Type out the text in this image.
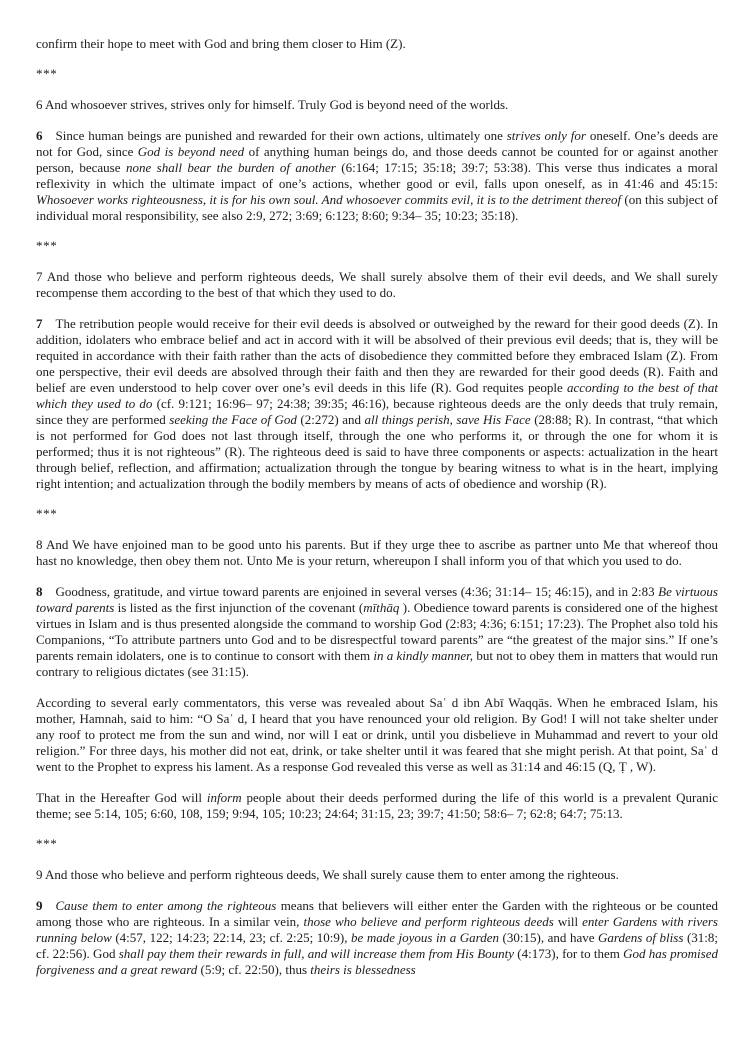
confirm their hope to meet with God and bring them closer to Him (Z).

***

6 And whosoever strives, strives only for himself. Truly God is beyond need of the worlds.

6 Since human beings are punished and rewarded for their own actions, ultimately one strives only for oneself. One’s deeds are not for God, since God is beyond need of anything human beings do, and those deeds cannot be counted for or against another person, because none shall bear the burden of another (6:164; 17:15; 35:18; 39:7; 53:38). This verse thus indicates a moral reflexivity in which the ultimate impact of one’s actions, whether good or evil, falls upon oneself, as in 41:46 and 45:15: Whosoever works righteousness, it is for his own soul. And whosoever commits evil, it is to the detriment thereof (on this subject of individual moral responsibility, see also 2:9, 272; 3:69; 6:123; 8:60; 9:34– 35; 10:23; 35:18).

***

7 And those who believe and perform righteous deeds, We shall surely absolve them of their evil deeds, and We shall surely recompense them according to the best of that which they used to do.

7 The retribution people would receive for their evil deeds is absolved or outweighed by the reward for their good deeds (Z). In addition, idolaters who embrace belief and act in accord with it will be absolved of their previous evil deeds; that is, they will be requited in accordance with their faith rather than the acts of disobedience they committed before they embraced Islam (Z). From one perspective, their evil deeds are absolved through their faith and then they are rewarded for their good deeds (R). Faith and belief are even understood to help cover over one’s evil deeds in this life (R). God requites people according to the best of that which they used to do (cf. 9:121; 16:96– 97; 24:38; 39:35; 46:16), because righteous deeds are the only deeds that truly remain, since they are performed seeking the Face of God (2:272) and all things perish, save His Face (28:88; R). In contrast, “that which is not performed for God does not last through itself, through the one who performs it, or through the one for whom it is performed; thus it is not righteous” (R). The righteous deed is said to have three components or aspects: actualization in the heart through belief, reflection, and affirmation; actualization through the tongue by bearing witness to what is in the heart, implying right intention; and actualization through the bodily members by means of acts of obedience and worship (R).

***

8 And We have enjoined man to be good unto his parents. But if they urge thee to ascribe as partner unto Me that whereof thou hast no knowledge, then obey them not. Unto Me is your return, whereupon I shall inform you of that which you used to do.

8 Goodness, gratitude, and virtue toward parents are enjoined in several verses (4:36; 31:14– 15; 46:15), and in 2:83 Be virtuous toward parents is listed as the first injunction of the covenant (mīthāq ). Obedience toward parents is considered one of the highest virtues in Islam and is thus presented alongside the command to worship God (2:83; 4:36; 6:151; 17:23). The Prophet also told his Companions, “To attribute partners unto God and to be disrespectful toward parents” are “the greatest of the major sins.” If one’s parents remain idolaters, one is to continue to consort with them in a kindly manner, but not to obey them in matters that would run contrary to religious dictates (see 31:15).

According to several early commentators, this verse was revealed about Saʿ d ibn Abī Waqqās. When he embraced Islam, his mother, Hamnah, said to him: “O Saʿ d, I heard that you have renounced your old religion. By God! I will not take shelter under any roof to protect me from the sun and wind, nor will I eat or drink, until you disbelieve in Muhammad and revert to your old religion.” For three days, his mother did not eat, drink, or take shelter until it was feared that she might perish. At that point, Saʿ d went to the Prophet to express his lament. As a response God revealed this verse as well as 31:14 and 46:15 (Q, Ṭ , W).

That in the Hereafter God will inform people about their deeds performed during the life of this world is a prevalent Quranic theme; see 5:14, 105; 6:60, 108, 159; 9:94, 105; 10:23; 24:64; 31:15, 23; 39:7; 41:50; 58:6– 7; 62:8; 64:7; 75:13.

***

9 And those who believe and perform righteous deeds, We shall surely cause them to enter among the righteous.

9 Cause them to enter among the righteous means that believers will either enter the Garden with the righteous or be counted among those who are righteous. In a similar vein, those who believe and perform righteous deeds will enter Gardens with rivers running below (4:57, 122; 14:23; 22:14, 23; cf. 2:25; 10:9), be made joyous in a Garden (30:15), and have Gardens of bliss (31:8; cf. 22:56). God shall pay them their rewards in full, and will increase them from His Bounty (4:173), for to them God has promised forgiveness and a great reward (5:9; cf. 22:50), thus theirs is blessedness
